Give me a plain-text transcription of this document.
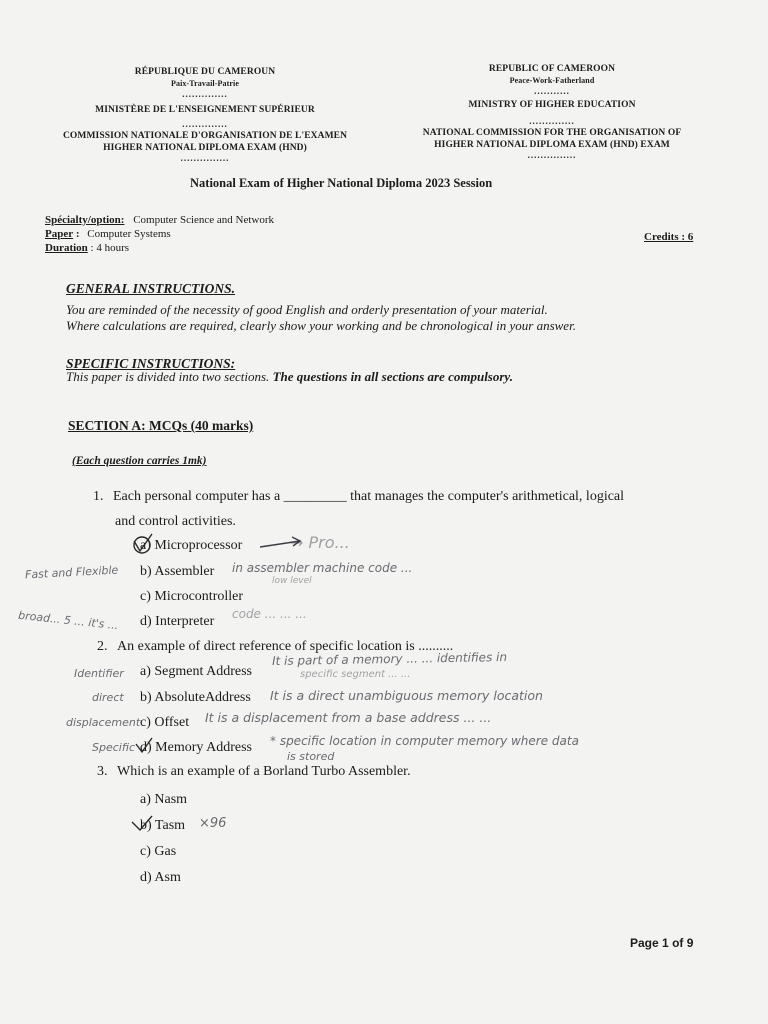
RÉPUBLIQUE DU CAMEROUN
Paix-Travail-Patrie
..............
MINISTÈRE DE L'ENSEIGNEMENT SUPÉRIEUR
..............
COMMISSION NATIONALE D'ORGANISATION DE L'EXAMEN
HIGHER NATIONAL DIPLOMA EXAM (HND)
...............
REPUBLIC OF CAMEROON
Peace-Work-Fatherland
...........
MINISTRY OF HIGHER EDUCATION
..............
NATIONAL COMMISSION FOR THE ORGANISATION OF
HIGHER NATIONAL DIPLOMA EXAM (HND) EXAM
...............
National Exam of Higher National Diploma 2023 Session
Spécialty/option: Computer Science and Network
Paper : Computer Systems
Duration : 4 hours
Credits : 6
GENERAL INSTRUCTIONS.
You are reminded of the necessity of good English and orderly presentation of your material.
Where calculations are required, clearly show your working and be chronological in your answer.
SPECIFIC INSTRUCTIONS:
This paper is divided into two sections. The questions in all sections are compulsory.
SECTION A: MCQs (40 marks)
(Each question carries 1mk)
1. Each personal computer has a _________ that manages the computer's arithmetical, logical
and control activities.
a) Microprocessor
b) Assembler
c) Microcontroller
d) Interpreter
2. An example of direct reference of specific location is ..........
a) Segment Address
b) AbsoluteAddress
c) Offset
d) Memory Address
3. Which is an example of a Borland Turbo Assembler.
a) Nasm
b) Tasm
c) Gas
d) Asm
→ Pro...
Fast and Flexible	in assembler machine code ...
low level
broad... 5 ... it's ...	code ... ... ...
Identifier
It is part of a memory ... ... identifies in
specific segment ... ...
direct	It is a direct unambiguous memory location
displacement	It is a displacement from a base address ... ...
Specific	* specific location in computer memory where data
is stored
×96
Page 1 of 9
